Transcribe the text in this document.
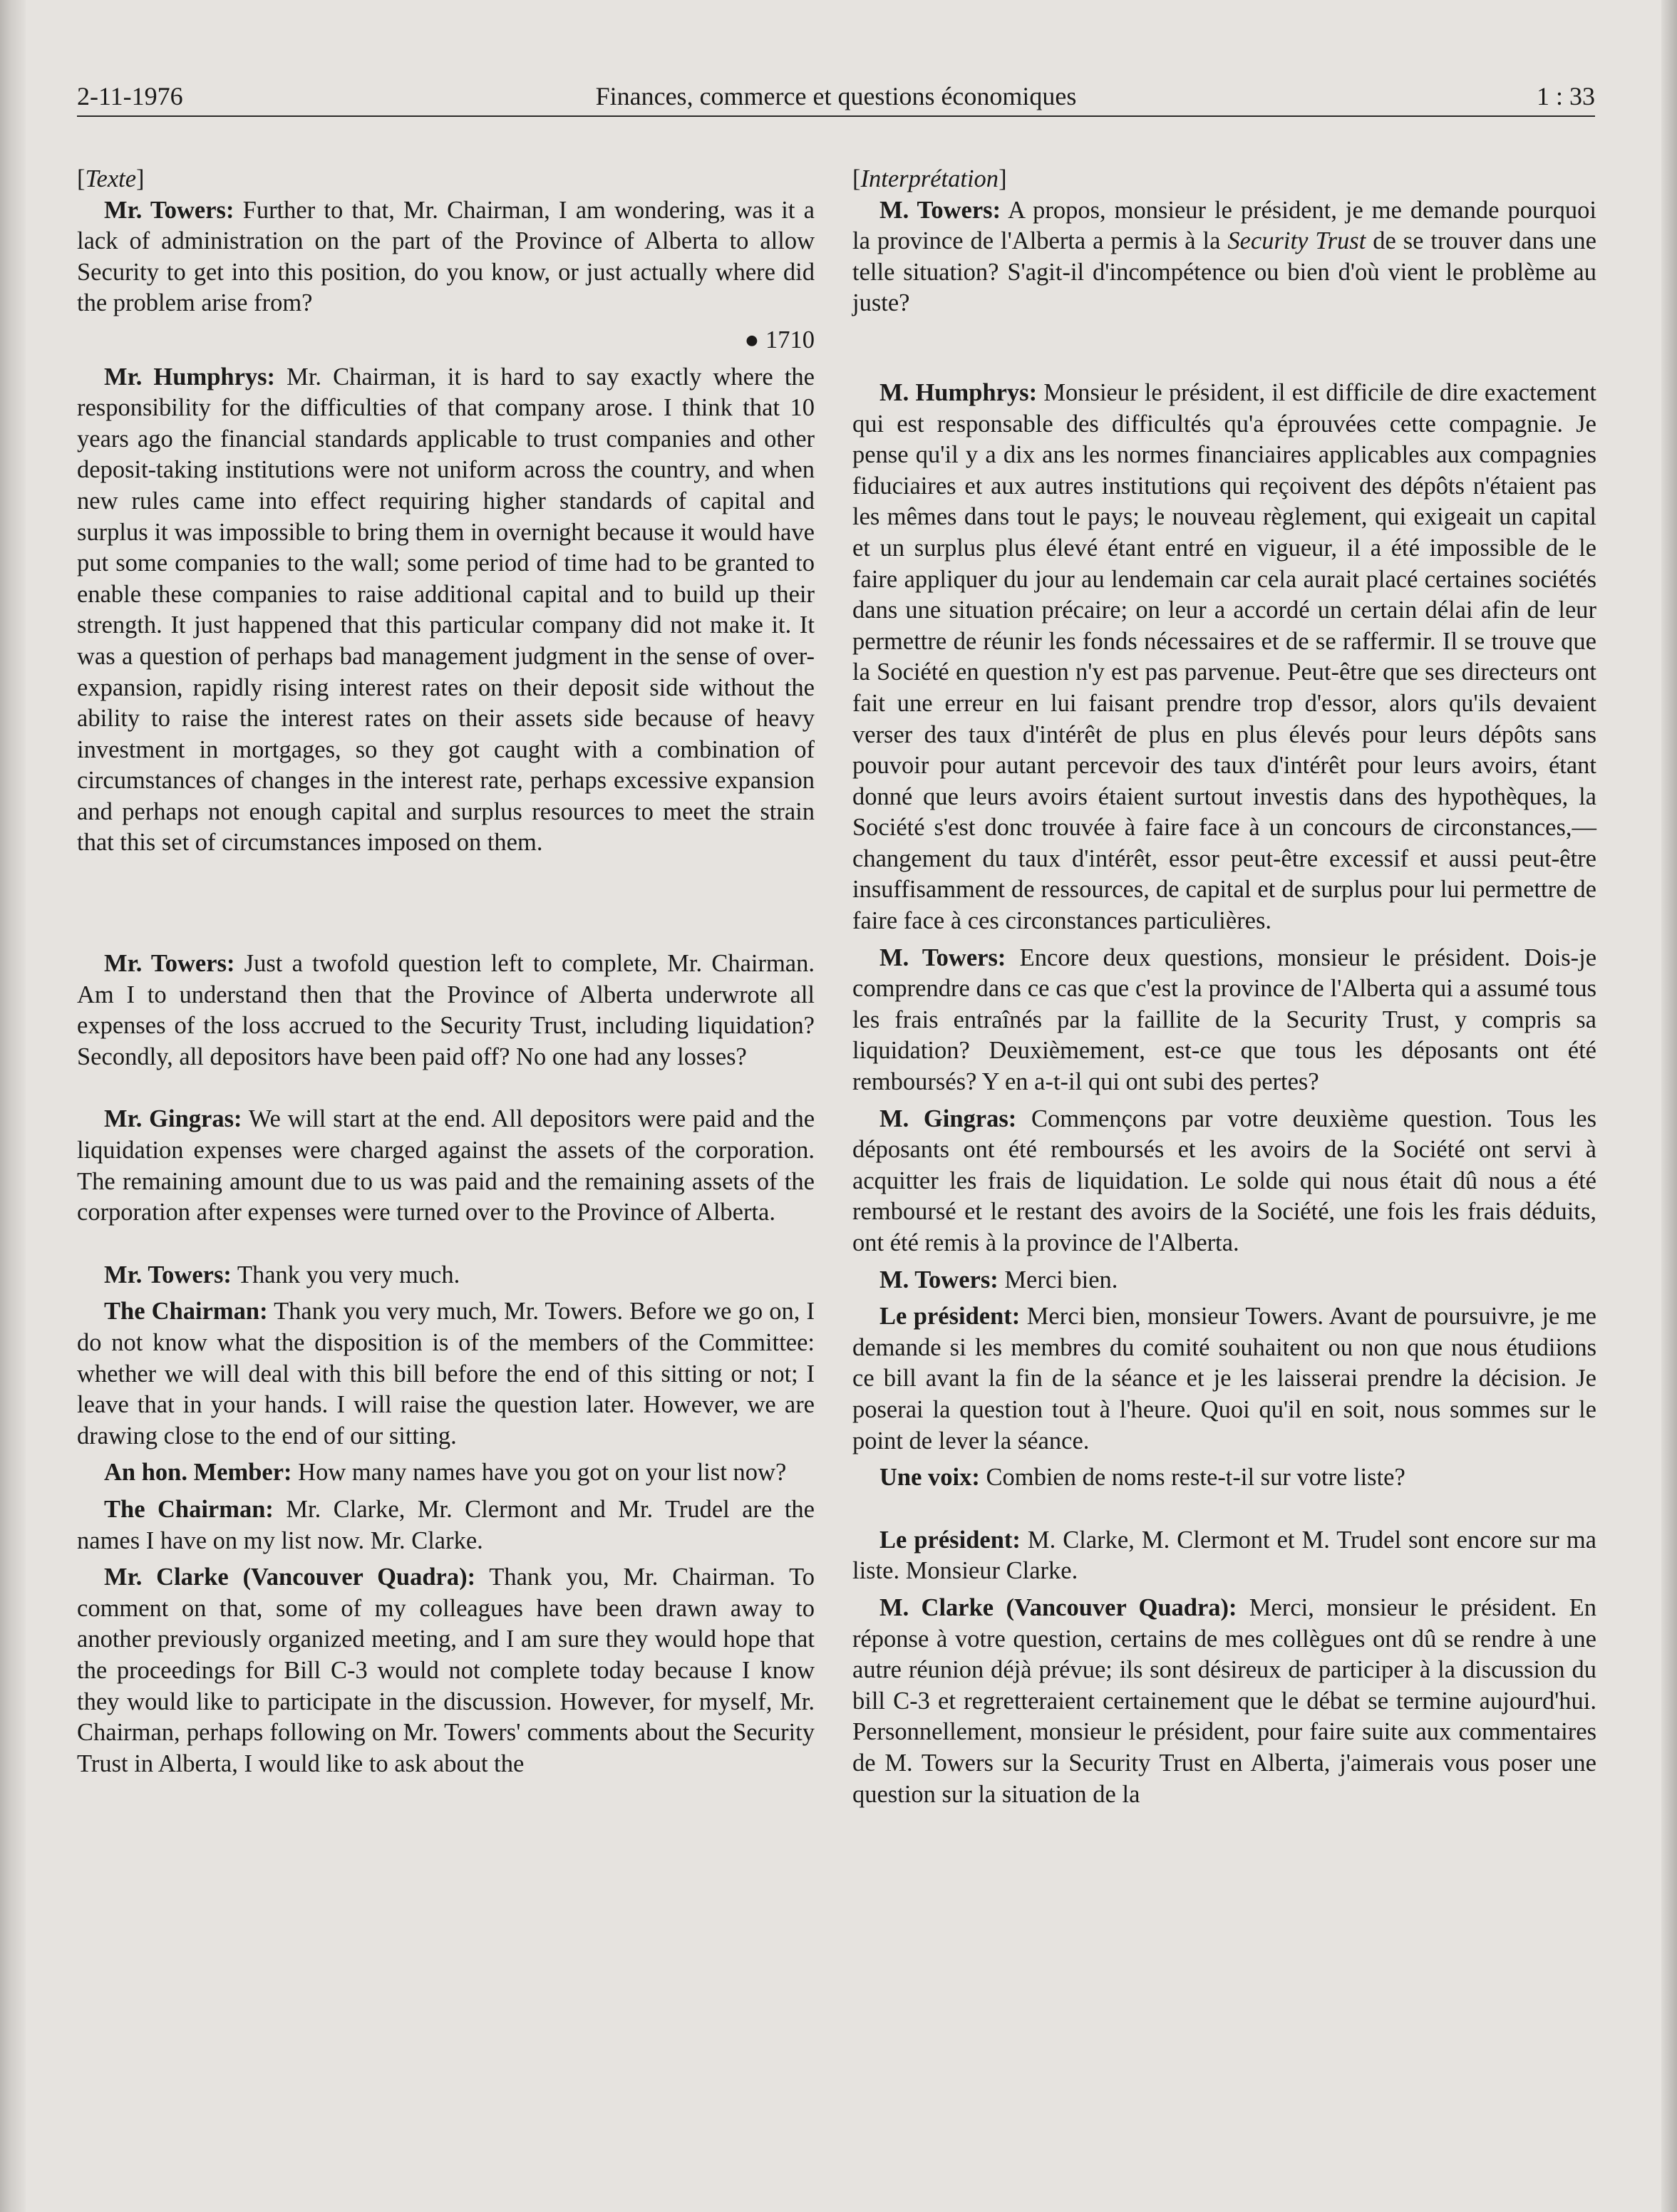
2-11-1976	Finances, commerce et questions économiques	1 : 33

[Texte]

Mr. Towers: Further to that, Mr. Chairman, I am wondering, was it a lack of administration on the part of the Province of Alberta to allow Security to get into this position, do you know, or just actually where did the problem arise from?

● 1710

Mr. Humphrys: Mr. Chairman, it is hard to say exactly where the responsibility for the difficulties of that company arose. I think that 10 years ago the financial standards applicable to trust companies and other deposit-taking institutions were not uniform across the country, and when new rules came into effect requiring higher standards of capital and surplus it was impossible to bring them in overnight because it would have put some companies to the wall; some period of time had to be granted to enable these companies to raise additional capital and to build up their strength. It just happened that this particular company did not make it. It was a question of perhaps bad management judgment in the sense of over-expansion, rapidly rising interest rates on their deposit side without the ability to raise the interest rates on their assets side because of heavy investment in mortgages, so they got caught with a combination of circumstances of changes in the interest rate, perhaps excessive expansion and perhaps not enough capital and surplus resources to meet the strain that this set of circumstances imposed on them.

Mr. Towers: Just a twofold question left to complete, Mr. Chairman. Am I to understand then that the Province of Alberta underwrote all expenses of the loss accrued to the Security Trust, including liquidation? Secondly, all depositors have been paid off? No one had any losses?

Mr. Gingras: We will start at the end. All depositors were paid and the liquidation expenses were charged against the assets of the corporation. The remaining amount due to us was paid and the remaining assets of the corporation after expenses were turned over to the Province of Alberta.

Mr. Towers: Thank you very much.

The Chairman: Thank you very much, Mr. Towers. Before we go on, I do not know what the disposition is of the members of the Committee: whether we will deal with this bill before the end of this sitting or not; I leave that in your hands. I will raise the question later. However, we are drawing close to the end of our sitting.

An hon. Member: How many names have you got on your list now?

The Chairman: Mr. Clarke, Mr. Clermont and Mr. Trudel are the names I have on my list now. Mr. Clarke.

Mr. Clarke (Vancouver Quadra): Thank you, Mr. Chairman. To comment on that, some of my colleagues have been drawn away to another previously organized meeting, and I am sure they would hope that the proceedings for Bill C-3 would not complete today because I know they would like to participate in the discussion. However, for myself, Mr. Chairman, perhaps following on Mr. Towers' comments about the Security Trust in Alberta, I would like to ask about the

[Interprétation]

M. Towers: A propos, monsieur le président, je me demande pourquoi la province de l'Alberta a permis à la Security Trust de se trouver dans une telle situation? S'agit-il d'incompétence ou bien d'où vient le problème au juste?

M. Humphrys: Monsieur le président, il est difficile de dire exactement qui est responsable des difficultés qu'a éprouvées cette compagnie. Je pense qu'il y a dix ans les normes financiaires applicables aux compagnies fiduciaires et aux autres institutions qui reçoivent des dépôts n'étaient pas les mêmes dans tout le pays; le nouveau règlement, qui exigeait un capital et un surplus plus élevé étant entré en vigueur, il a été impossible de le faire appliquer du jour au lendemain car cela aurait placé certaines sociétés dans une situation précaire; on leur a accordé un certain délai afin de leur permettre de réunir les fonds nécessaires et de se raffermir. Il se trouve que la Société en question n'y est pas parvenue. Peut-être que ses directeurs ont fait une erreur en lui faisant prendre trop d'essor, alors qu'ils devaient verser des taux d'intérêt de plus en plus élevés pour leurs dépôts sans pouvoir pour autant percevoir des taux d'intérêt pour leurs avoirs, étant donné que leurs avoirs étaient surtout investis dans des hypothèques, la Société s'est donc trouvée à faire face à un concours de circonstances,—changement du taux d'intérêt, essor peut-être excessif et aussi peut-être insuffisamment de ressources, de capital et de surplus pour lui permettre de faire face à ces circonstances particulières.

M. Towers: Encore deux questions, monsieur le président. Dois-je comprendre dans ce cas que c'est la province de l'Alberta qui a assumé tous les frais entraînés par la faillite de la Security Trust, y compris sa liquidation? Deuxièmement, est-ce que tous les déposants ont été remboursés? Y en a-t-il qui ont subi des pertes?

M. Gingras: Commençons par votre deuxième question. Tous les déposants ont été remboursés et les avoirs de la Société ont servi à acquitter les frais de liquidation. Le solde qui nous était dû nous a été remboursé et le restant des avoirs de la Société, une fois les frais déduits, ont été remis à la province de l'Alberta.

M. Towers: Merci bien.

Le président: Merci bien, monsieur Towers. Avant de poursuivre, je me demande si les membres du comité souhaitent ou non que nous étudiions ce bill avant la fin de la séance et je les laisserai prendre la décision. Je poserai la question tout à l'heure. Quoi qu'il en soit, nous sommes sur le point de lever la séance.

Une voix: Combien de noms reste-t-il sur votre liste?

Le président: M. Clarke, M. Clermont et M. Trudel sont encore sur ma liste. Monsieur Clarke.

M. Clarke (Vancouver Quadra): Merci, monsieur le président. En réponse à votre question, certains de mes collègues ont dû se rendre à une autre réunion déjà prévue; ils sont désireux de participer à la discussion du bill C-3 et regretteraient certainement que le débat se termine aujourd'hui. Personnellement, monsieur le président, pour faire suite aux commentaires de M. Towers sur la Security Trust en Alberta, j'aimerais vous poser une question sur la situation de la
